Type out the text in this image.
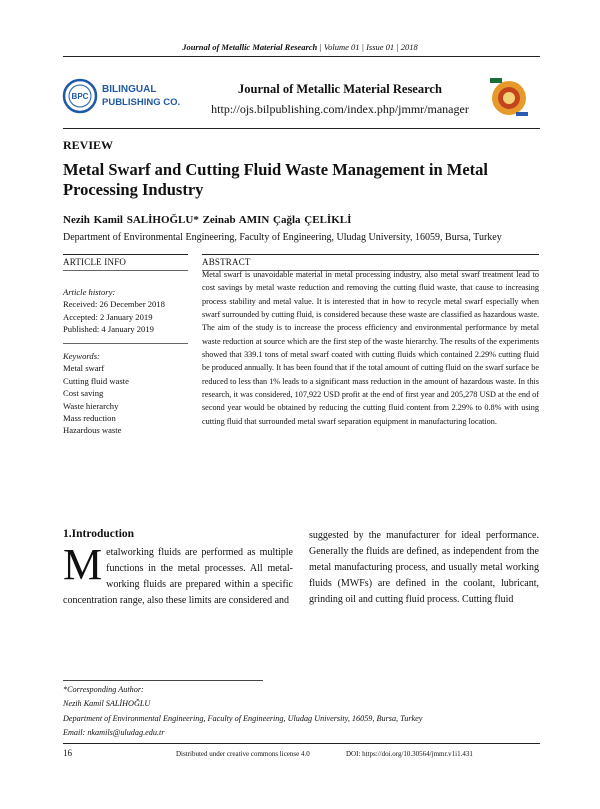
Journal of Metallic Material Research | Volume 01 | Issue 01 | 2018
BPC
BILINGUAL
PUBLISHING CO.
Journal of Metallic Material Research
http://ojs.bilpublishing.com/index.php/jmmr/manager
REVIEW
Metal Swarf and Cutting Fluid Waste Management in Metal Processing Industry
Nezih Kamil SALİHOĞLU* Zeinab AMIN Çağla ÇELİKLİ
Department of Environmental Engineering, Faculty of Engineering, Uludag University, 16059, Bursa, Turkey
ARTICLE INFO	ABSTRACT
Article history:
Received: 26 December 2018
Accepted: 2 January 2019
Published: 4 January 2019
Keywords:
Metal swarf
Cutting fluid waste
Cost saving
Waste hierarchy
Mass reduction
Hazardous waste
Metal swarf is unavoidable material in metal processing industry, also metal swarf treatment lead to cost savings by metal waste reduction and removing the cutting fluid waste, that cause to increasing process stability and metal value. It is interested that in how to recycle metal swarf especially when swarf surrounded by cutting fluid, is considered because these waste are classified as hazardous waste. The aim of the study is to increase the process efficiency and environmental performance by metal waste reduction at source which are the first step of the waste hierarchy. The results of the experiments showed that 339.1 tons of metal swarf coated with cutting fluids which contained 2.29% cutting fluid be produced annually. It has been found that if the total amount of cutting fluid on the swarf surface be reduced to less than 1% leads to a significant mass reduction in the amount of hazardous waste. In this research, it was considered, 107,922 USD profit at the end of first year and 205,278 USD at the end of second year would be obtained by reducing the cutting fluid content from 2.29% to 0.8% with using cutting fluid that surrounded metal swarf separation equipment in manufacturing location.
1.Introduction
Metalworking fluids are performed as multiple functions in the metal processes. All metal-working fluids are prepared within a specific concentration range, also these limits are considered and
suggested by the manufacturer for ideal performance. Generally the fluids are defined, as independent from the metal manufacturing process, and usually metal working fluids (MWFs) are defined in the coolant, lubricant, grinding oil and cutting fluid process. Cutting fluid
*Corresponding Author:
Nezih Kamil SALİHOĞLU
Department of Environmental Engineering, Faculty of Engineering, Uludag University, 16059, Bursa, Turkey
Email: nkamils@uludag.edu.tr
16	Distributed under creative commons license 4.0	DOI: https://doi.org/10.30564/jmmr.v1i1.431
